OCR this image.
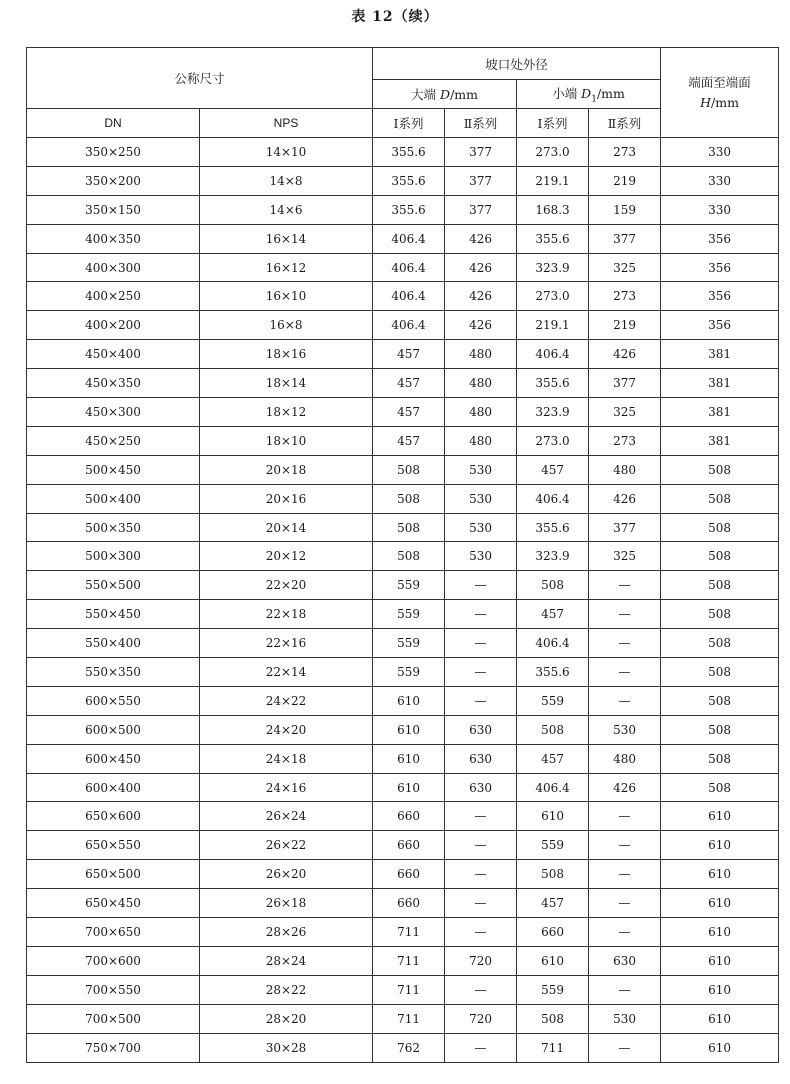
表 12（续）
公称尺寸		坡口处外径				端面至端面
H/mm

		大端 D/mm		小端 $D_1/mm$		
DN	NPS	Ⅰ系列	Ⅱ系列	Ⅰ系列	Ⅱ系列	
350×250	14×10	355.6	377	273.0	273	330
350×200	14×8	355.6	377	219.1	219	330
350×150	14×6	355.6	377	168.3	159	330
400×350	16×14	406.4	426	355.6	377	356
400×300	16×12	406.4	426	323.9	325	356
400×250	16×10	406.4	426	273.0	273	356
400×200	16×8	406.4	426	219.1	219	356
450×400	18×16	457	480	406.4	426	381
450×350	18×14	457	480	355.6	377	381
450×300	18×12	457	480	323.9	325	381
450×250	18×10	457	480	273.0	273	381
500×450	20×18	508	530	457	480	508
500×400	20×16	508	530	406.4	426	508
500×350	20×14	508	530	355.6	377	508
500×300	20×12	508	530	323.9	325	508
550×500	22×20	559	—	508	—	508
550×450	22×18	559	—	457	—	508
550×400	22×16	559	—	406.4	—	508
550×350	22×14	559	—	355.6	—	508
600×550	24×22	610	—	559	—	508
600×500	24×20	610	630	508	530	508
600×450	24×18	610	630	457	480	508
600×400	24×16	610	630	406.4	426	508
650×600	26×24	660	—	610	—	610
650×550	26×22	660	—	559	—	610
650×500	26×20	660	—	508	—	610
650×450	26×18	660	—	457	—	610
700×650	28×26	711	—	660	—	610
700×600	28×24	711	720	610	630	610
700×550	28×22	711	—	559	—	610
700×500	28×20	711	720	508	530	610
750×700	30×28	762	—	711	—	610
